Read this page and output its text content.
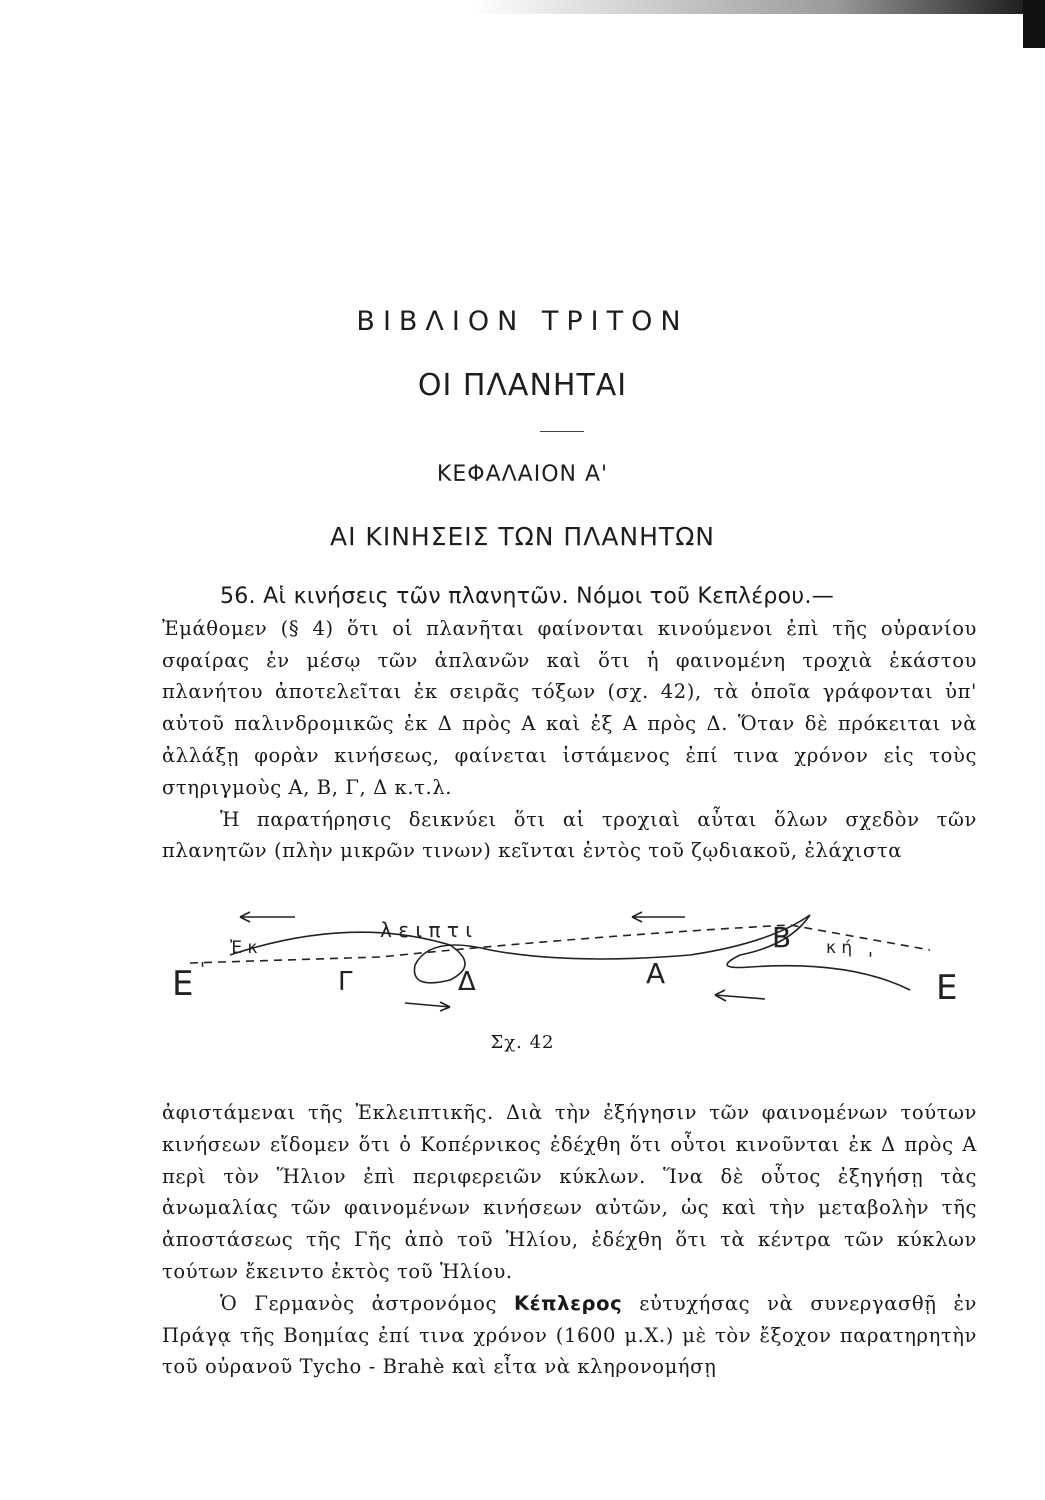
ΒΙΒΛΙΟΝ ΤΡΙΤΟΝ
ΟΙ ΠΛΑΝΗΤΑΙ
ΚΕΦΑΛΑΙΟΝ Α'
ΑΙ ΚΙΝΗΣΕΙΣ ΤΩΝ ΠΛΑΝΗΤΩΝ

56. Αἱ κινήσεις τῶν πλανητῶν. Νόμοι τοῦ Κεπλέρου.—

Ἐμάθομεν (§ 4) ὅτι οἱ πλανῆται φαίνονται κινούμενοι ἐπὶ τῆς οὐρανίου σφαίρας ἐν μέσῳ τῶν ἀπλανῶν καὶ ὅτι ἡ φαινομένη τροχιὰ ἑκάστου πλανήτου ἀποτελεῖται ἐκ σειρᾶς τόξων (σχ. 42), τὰ ὁποῖα γράφονται ὑπ' αὐτοῦ παλινδρομικῶς ἐκ Δ πρὸς Α καὶ ἐξ Α πρὸς Δ. Ὅταν δὲ πρόκειται νὰ ἀλλάξῃ φορὰν κινήσεως, φαίνεται ἱστάμενος ἐπί τινα χρόνον εἰς τοὺς στηριγμοὺς Α, Β, Γ, Δ κ.τ.λ.

Ἡ παρατήρησις δεικνύει ὅτι αἱ τροχιαὶ αὗται ὅλων σχεδὸν τῶν πλανητῶν (πλὴν μικρῶν τινων) κεῖνται ἐντὸς τοῦ ζῳδιακοῦ, ἐλάχιστα

λ ε ι π τ ι
Ἐ κ	κ ή
Β
Γ	Δ	Α
Ε	Ε
'	'
Σχ. 42

ἀφιστάμεναι τῆς Ἐκλειπτικῆς. Διὰ τὴν ἐξήγησιν τῶν φαινομένων τούτων κινήσεων εἴδομεν ὅτι ὁ Κοπέρνικος ἐδέχθη ὅτι οὗτοι κινοῦνται ἐκ Δ πρὸς Α περὶ τὸν Ἥλιον ἐπὶ περιφερειῶν κύκλων. Ἵνα δὲ οὗτος ἐξηγήσῃ τὰς ἀνωμαλίας τῶν φαινομένων κινήσεων αὐτῶν, ὡς καὶ τὴν μεταβολὴν τῆς ἀποστάσεως τῆς Γῆς ἀπὸ τοῦ Ἡλίου, ἐδέχθη ὅτι τὰ κέντρα τῶν κύκλων τούτων ἔκειντο ἐκτὸς τοῦ Ἡλίου.

Ὁ Γερμανὸς ἀστρονόμος Κέπλερος εὐτυχήσας νὰ συνεργασθῇ ἐν Πράγᾳ τῆς Βοημίας ἐπί τινα χρόνον (1600 μ.Χ.) μὲ τὸν ἔξοχον παρατηρητὴν τοῦ οὐρανοῦ Tycho - Brahè καὶ εἶτα νὰ κληρονομήσῃ
